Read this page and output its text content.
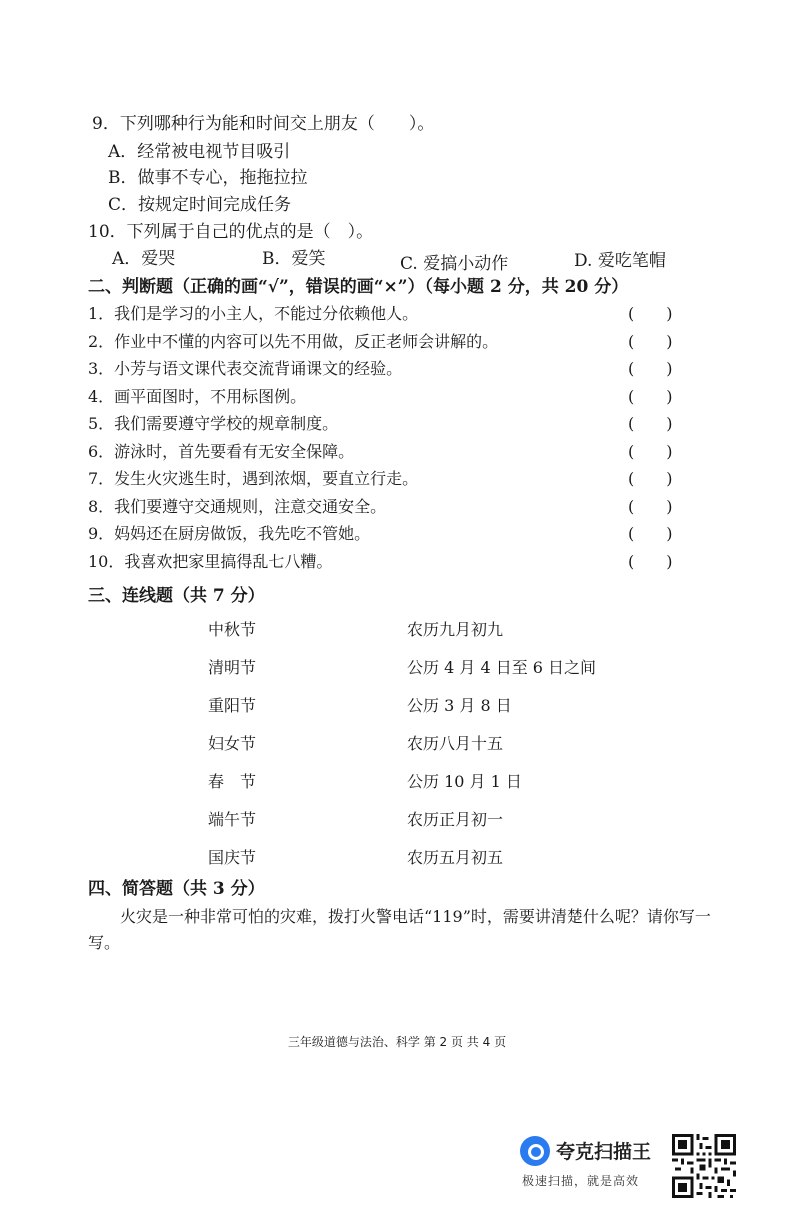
9．下列哪种行为能和时间交上朋友（　　）。
A．经常被电视节目吸引
B．做事不专心，拖拖拉拉
C．按规定时间完成任务
10．下列属于自己的优点的是（　）。
A．爱哭	B．爱笑	C. 爱搞小动作	D. 爱吃笔帽
二、判断题（正确的画“√”，错误的画“×”）（每小题 2 分，共 20 分）
1．我们是学习的小主人，不能过分依赖他人。	(　　)
2．作业中不懂的内容可以先不用做，反正老师会讲解的。	(　　)
3．小芳与语文课代表交流背诵课文的经验。	(　　)
4．画平面图时，不用标图例。	(　　)
5．我们需要遵守学校的规章制度。	(　　)
6．游泳时，首先要看有无安全保障。	(　　)
7．发生火灾逃生时，遇到浓烟，要直立行走。	(　　)
8．我们要遵守交通规则，注意交通安全。	(　　)
9．妈妈还在厨房做饭，我先吃不管她。	(　　)
10．我喜欢把家里搞得乱七八糟。	(　　)
三、连线题（共 7 分）
中秋节	农历九月初九
清明节	公历 4 月 4 日至 6 日之间
重阳节	公历 3 月 8 日
妇女节	农历八月十五
春　节	公历 10 月 1 日
端午节	农历正月初一
国庆节	农历五月初五
四、简答题（共 3 分）
火灾是一种非常可怕的灾难，拨打火警电话“119”时，需要讲清楚什么呢？请你写一写。
三年级道德与法治、科学 第 2 页 共 4 页
夸克扫描王
极速扫描，就是高效
